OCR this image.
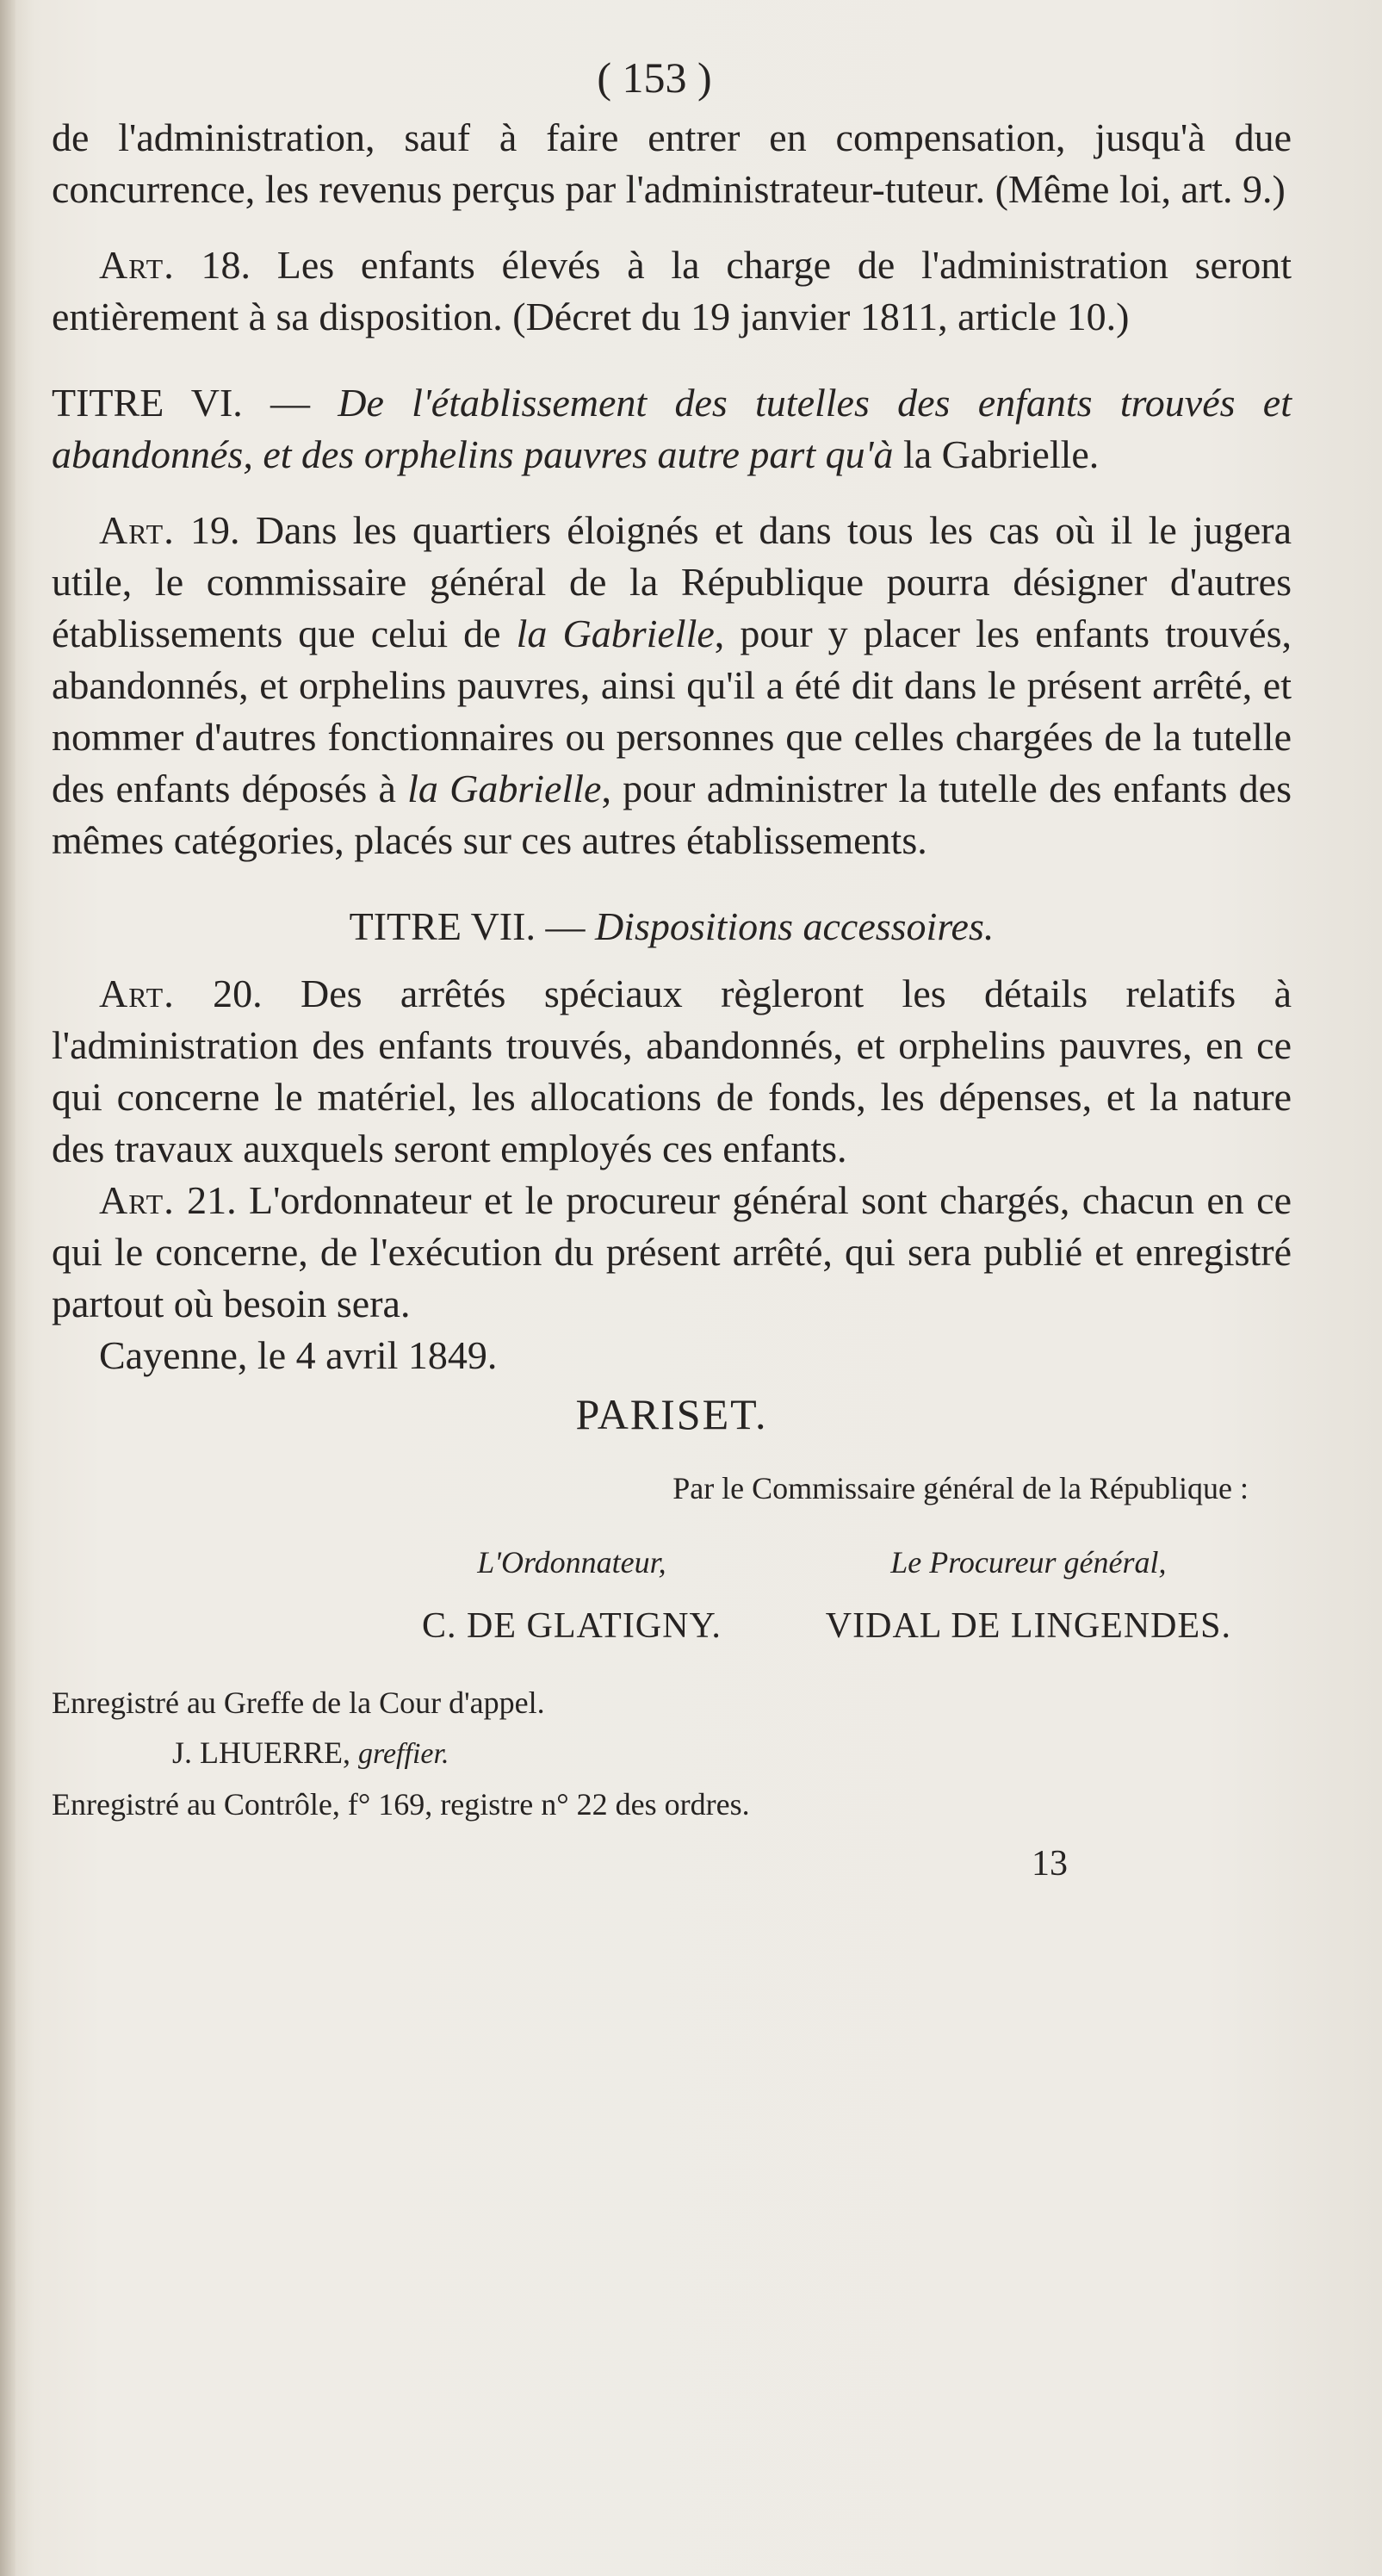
( 153 )

de l'administration, sauf à faire entrer en compensation, jusqu'à due concurrence, les revenus perçus par l'administrateur-tuteur. (Même loi, art. 9.)

Art. 18. Les enfants élevés à la charge de l'administration seront entièrement à sa disposition. (Décret du 19 janvier 1811, article 10.)

TITRE VI. — De l'établissement des tutelles des enfants trouvés et abandonnés, et des orphelins pauvres autre part qu'à la Gabrielle.

Art. 19. Dans les quartiers éloignés et dans tous les cas où il le jugera utile, le commissaire général de la République pourra désigner d'autres établissements que celui de la Gabrielle, pour y placer les enfants trouvés, abandonnés, et orphelins pauvres, ainsi qu'il a été dit dans le présent arrêté, et nommer d'autres fonctionnaires ou personnes que celles chargées de la tutelle des enfants déposés à la Gabrielle, pour administrer la tutelle des enfants des mêmes catégories, placés sur ces autres établissements.

TITRE VII. — Dispositions accessoires.

Art. 20. Des arrêtés spéciaux règleront les détails relatifs à l'administration des enfants trouvés, abandonnés, et orphelins pauvres, en ce qui concerne le matériel, les allocations de fonds, les dépenses, et la nature des travaux auxquels seront employés ces enfants.

Art. 21. L'ordonnateur et le procureur général sont chargés, chacun en ce qui le concerne, de l'exécution du présent arrêté, qui sera publié et enregistré partout où besoin sera.

Cayenne, le 4 avril 1849.

PARISET.
Par le Commissaire général de la République :
L'Ordonnateur,
C. DE GLATIGNY.
Le Procureur général,
VIDAL DE LINGENDES.
Enregistré au Greffe de la Cour d'appel.
J. LHUERRE, greffier.
Enregistré au Contrôle, f° 169, registre n° 22 des ordres.
13
